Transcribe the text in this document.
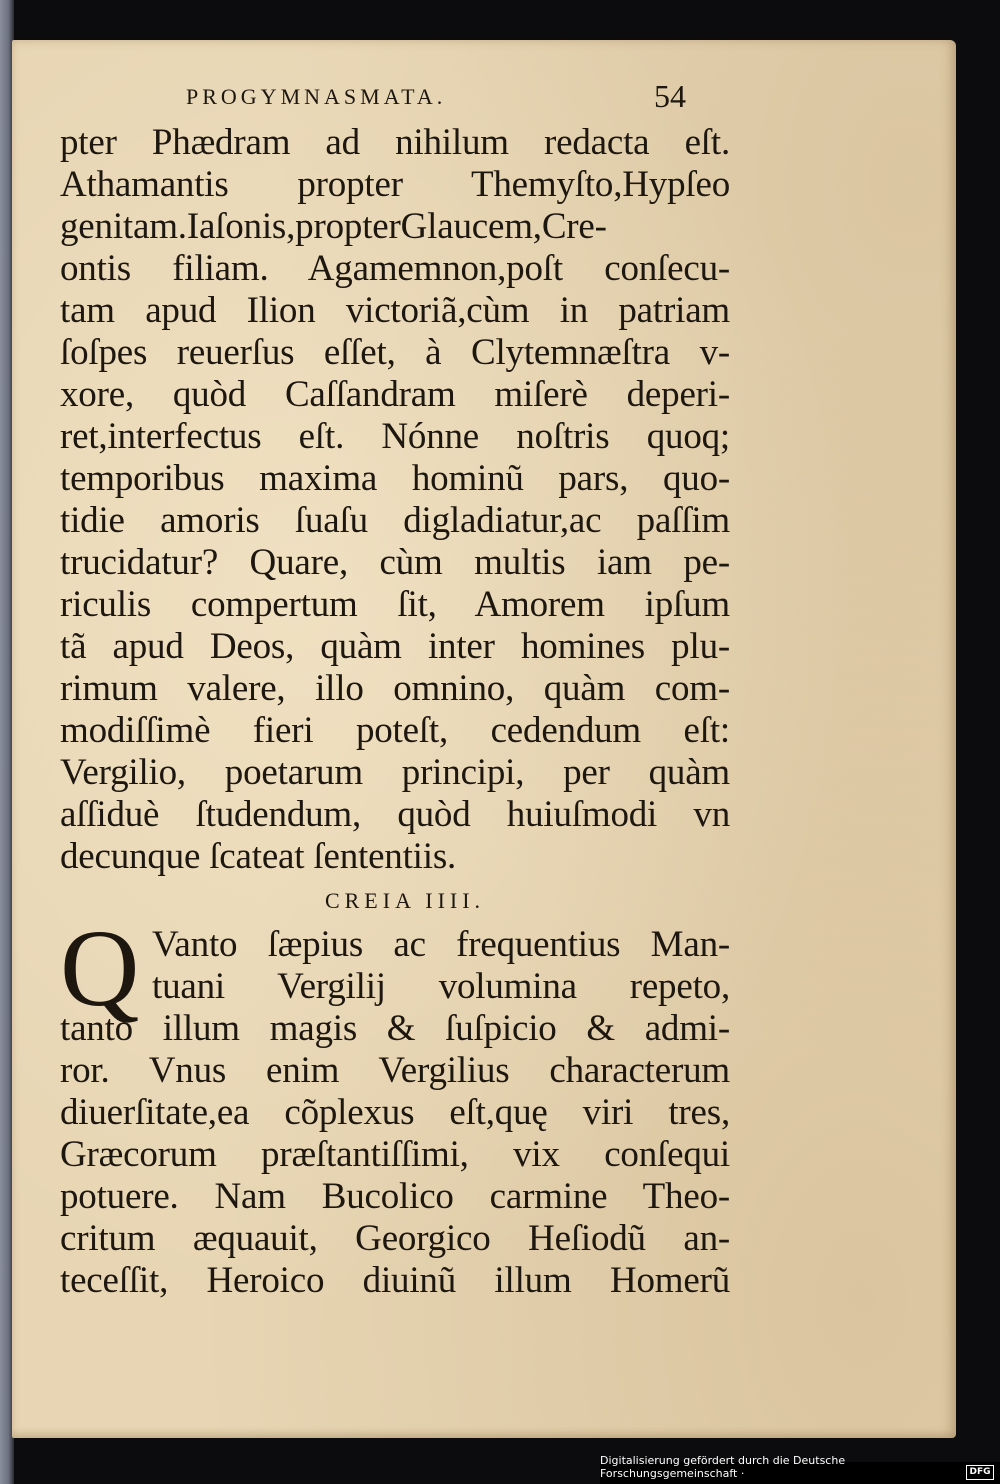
PROGYMNASMATA.	54
pter Phædram ad nihilum redacta eſt.
Athamantis propter Themyſto,Hypſeo
genitam.Iaſonis,propterGlaucem,Cre-
ontis filiam. Agamemnon,poſt conſecu-
tam apud Ilion victoriã,cùm in patriam
ſoſpes reuerſus eſſet, à Clytemnæſtra v-
xore, quòd Caſſandram miſerè deperi-
ret,interfectus eſt. Nónne noſtris quoq;
temporibus maxima hominũ pars, quo-
tidie amoris ſuaſu digladiatur,ac paſſim
trucidatur? Quare, cùm multis iam pe-
riculis compertum ſit, Amorem ipſum
tã apud Deos, quàm inter homines plu-
rimum valere, illo omnino, quàm com-
modiſſimè fieri poteſt, cedendum eſt:
Vergilio, poetarum principi, per quàm
aſſiduè ſtudendum, quòd huiuſmodi vn
decunque ſcateat ſententiis.
CREIA IIII.
Q Vanto ſæpius ac frequentius Man-
tuani Vergilij volumina repeto,
tanto illum magis & ſuſpicio & admi-
ror. Vnus enim Vergilius characterum
diuerſitate,ea cõplexus eſt,quę viri tres,
Græcorum præſtantiſſimi, vix conſequi
potuere. Nam Bucolico carmine Theo-
critum æquauit, Georgico Heſiodũ an-
teceſſit, Heroico diuinũ illum Homerũ
Digitalisierung gefördert durch die Deutsche Forschungsgemeinschaft ·	DFG
